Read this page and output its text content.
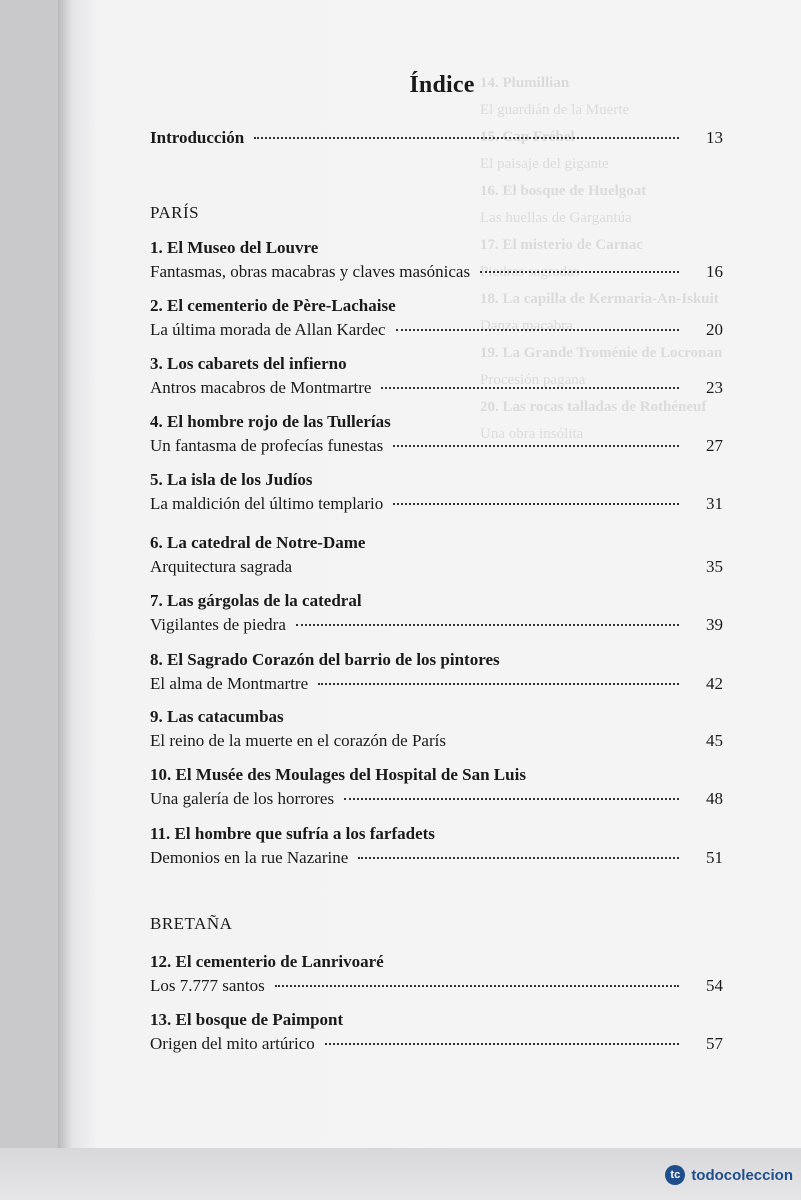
Índice
Introducción	13
PARÍS
1. El Museo del Louvre
Fantasmas, obras macabras y claves masónicas	16
2. El cementerio de Père-Lachaise
La última morada de Allan Kardec	20
3. Los cabarets del infierno
Antros macabros de Montmartre	23
4. El hombre rojo de las Tullerías
Un fantasma de profecías funestas	27
5. La isla de los Judíos
La maldición del último templario	31
6. La catedral de Notre-Dame
Arquitectura sagrada	35
7. Las gárgolas de la catedral
Vigilantes de piedra	39
8. El Sagrado Corazón del barrio de los pintores
El alma de Montmartre	42
9. Las catacumbas
El reino de la muerte en el corazón de París	45
10. El Musée des Moulages del Hospital de San Luis
Una galería de los horrores	48
11. El hombre que sufría a los farfadets
Demonios en la rue Nazarine	51
BRETAÑA
12. El cementerio de Lanrivoaré
Los 7.777 santos	54
13. El bosque de Paimpont
Origen del mito artúrico	57
tc todocoleccion
